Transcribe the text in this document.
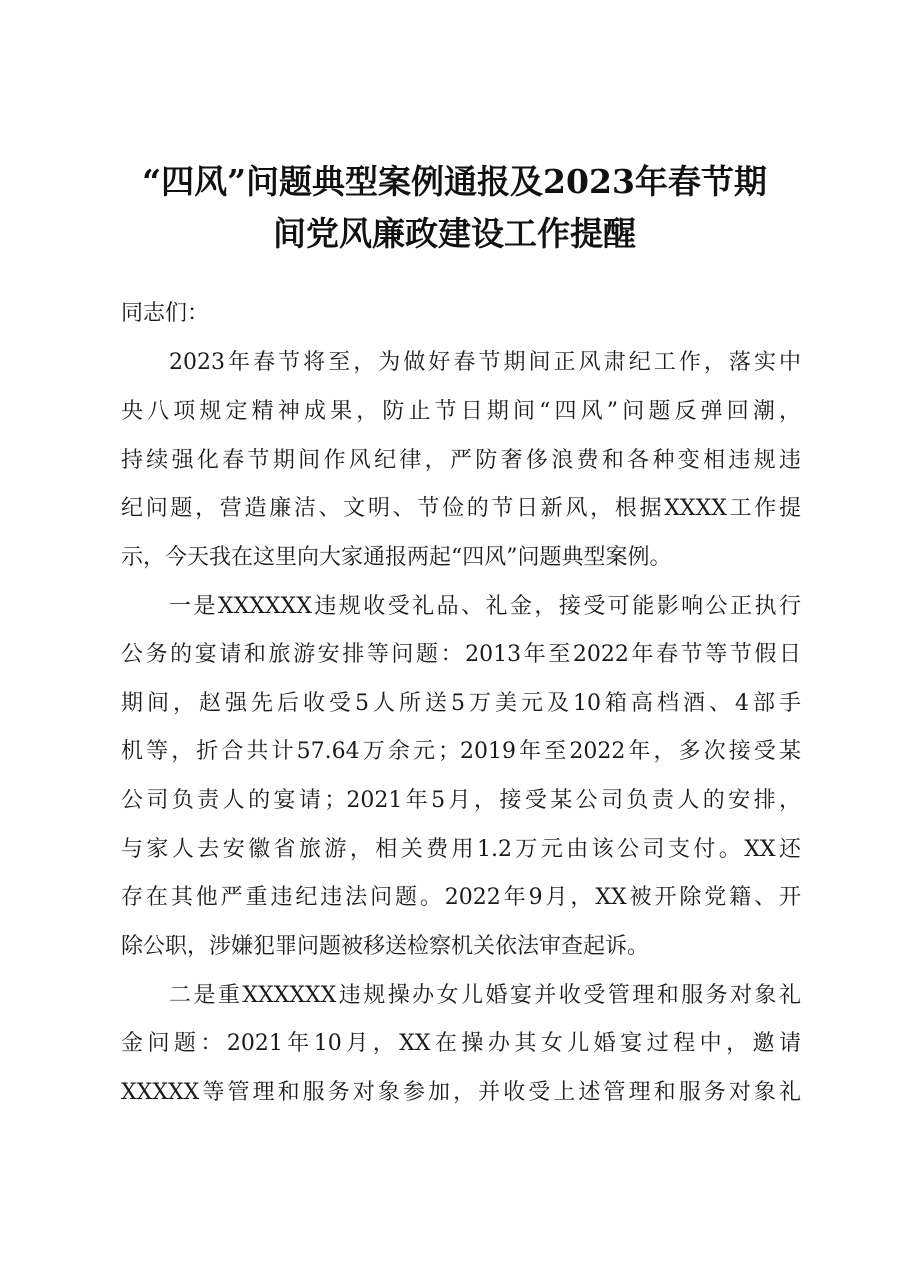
“四风”问题典型案例通报及2023年春节期
间党风廉政建设工作提醒
同志们：
2023年春节将至，为做好春节期间正风肃纪工作，落实中
央八项规定精神成果，防止节日期间“四风”问题反弹回潮，
持续强化春节期间作风纪律，严防奢侈浪费和各种变相违规违
纪问题，营造廉洁、文明、节俭的节日新风，根据XXXX工作提
示，今天我在这里向大家通报两起“四风”问题典型案例。
一是XXXXXX违规收受礼品、礼金，接受可能影响公正执行
公务的宴请和旅游安排等问题：2013年至2022年春节等节假日
期间，赵强先后收受5人所送5万美元及10箱高档酒、4部手
机等，折合共计57.64万余元；2019年至2022年，多次接受某
公司负责人的宴请；2021年5月，接受某公司负责人的安排，
与家人去安徽省旅游，相关费用1.2万元由该公司支付。XX还
存在其他严重违纪违法问题。2022年9月，XX被开除党籍、开
除公职，涉嫌犯罪问题被移送检察机关依法审查起诉。
二是重XXXXXX违规操办女儿婚宴并收受管理和服务对象礼
金问题：2021年10月，XX在操办其女儿婚宴过程中，邀请
XXXXX等管理和服务对象参加，并收受上述管理和服务对象礼
